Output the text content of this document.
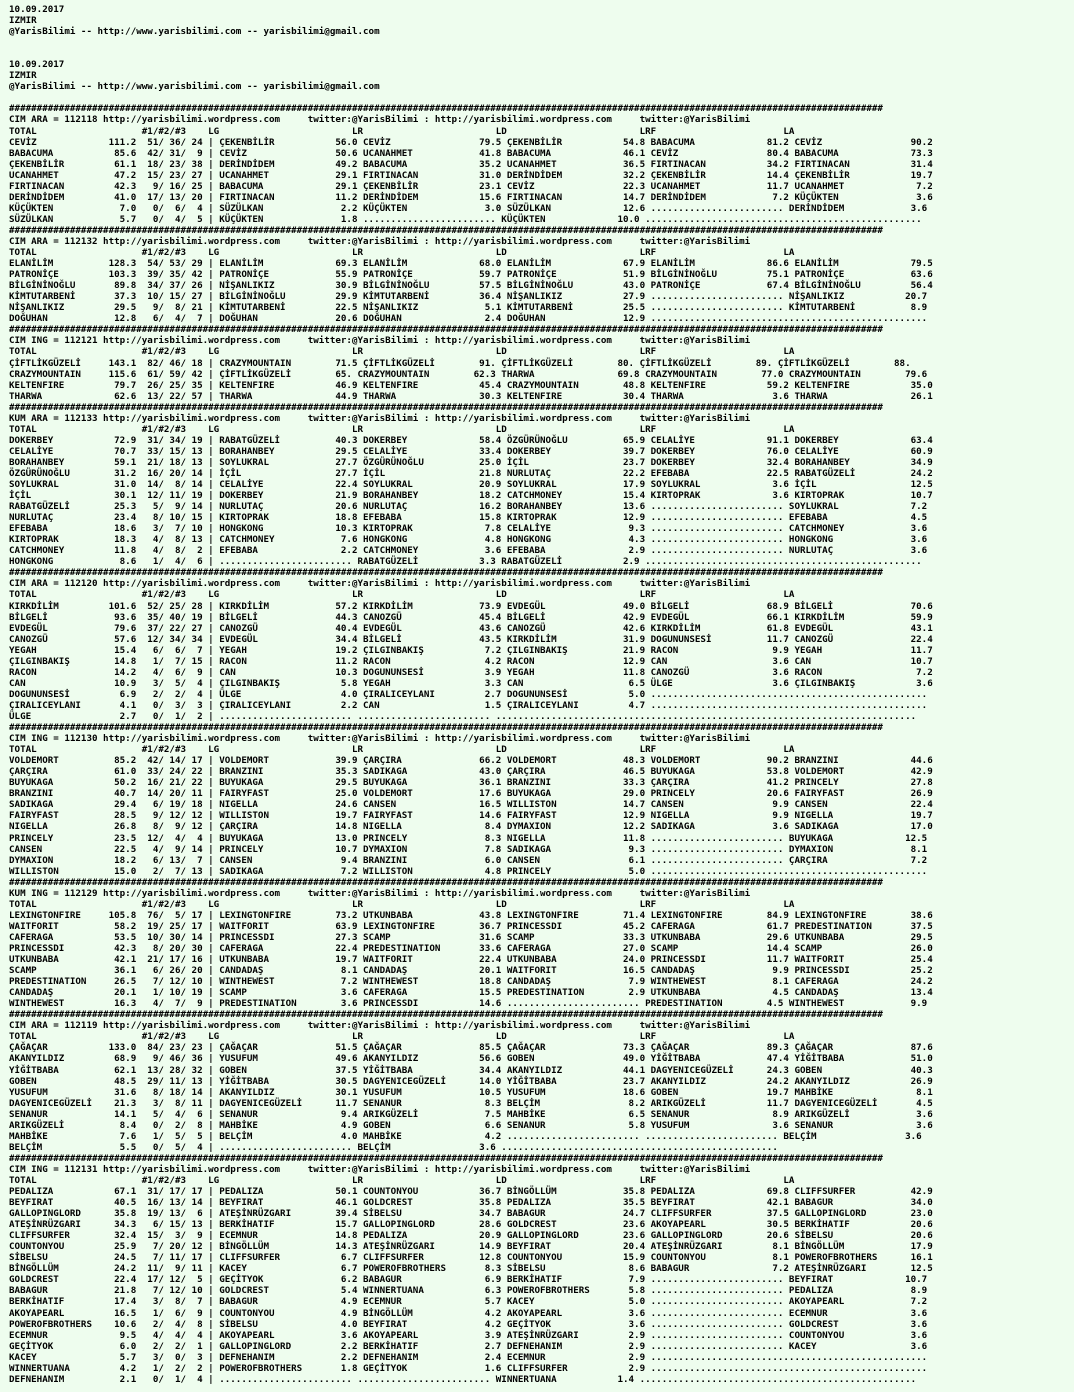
10.09.2017
IZMIR
@YarisBilimi -- http://www.yarisbilimi.com -- yarisbilimi@gmail.com

10.09.2017
IZMIR
@YarisBilimi -- http://www.yarisbilimi.com -- yarisbilimi@gmail.com

##############################################################################################################################################################
CIM ARA = 112118 http://yarisbilimi.wordpress.com     twitter:@YarisBilimi : http://yarisbilimi.wordpress.com     twitter:@YarisBilimi
TOTAL                   #1/#2/#3    LG                        LR                        LD                        LRF                       LA
CEVİZ             111.2  51/ 36/ 24 | ÇEKENBİLİR           56.0 CEVİZ                79.5 ÇEKENBİLİR           54.8 BABACUMA             81.2 CEVİZ                90.2
BABACUMA           85.6  42/ 31/  9 | CEVİZ                50.6 UCANAHMET            41.8 BABACUMA             46.1 CEVİZ                80.4 BABACUMA             73.3
ÇEKENBİLİR         61.1  18/ 23/ 38 | DERİNDİDEM           49.2 BABACUMA             35.2 UCANAHMET            36.5 FIRTINACAN           34.2 FIRTINACAN           31.4
UCANAHMET          47.2  15/ 23/ 27 | UCANAHMET            29.1 FIRTINACAN           31.0 DERİNDİDEM           32.2 ÇEKENBİLİR           14.4 ÇEKENBİLİR           19.7
FIRTINACAN         42.3   9/ 16/ 25 | BABACUMA             29.1 ÇEKENBİLİR           23.1 CEVİZ                22.3 UCANAHMET            11.7 UCANAHMET             7.2
DERİNDİDEM         41.0  17/ 13/ 20 | FIRTINACAN           11.2 DERİNDİDEM           15.6 FIRTINACAN           14.7 DERİNDİDEM            7.2 KÜÇÜKTEN              3.6
KÜÇÜKTEN            7.0   0/  6/  4 | SÜZÜLKAN              2.2 KÜÇÜKTEN              3.0 SÜZÜLKAN             12.6 ........................ DERİNDİDEM            3.6
SÜZÜLKAN            5.7   0/  4/  5 | KÜÇÜKTEN              1.8 ........................ KÜÇÜKTEN             10.0 ..................................................
##############################################################################################################################################################
CIM ARA = 112132 http://yarisbilimi.wordpress.com     twitter:@YarisBilimi : http://yarisbilimi.wordpress.com     twitter:@YarisBilimi
TOTAL                   #1/#2/#3    LG                        LR                        LD                        LRF                       LA
ELANİLİM          128.3  54/ 53/ 29 | ELANİLİM             69.3 ELANİLİM             68.0 ELANİLİM             67.9 ELANİLİM             86.6 ELANİLİM             79.5
PATRONİÇE         103.3  39/ 35/ 42 | PATRONİÇE            55.9 PATRONİÇE            59.7 PATRONİÇE            51.9 BİLGİNİNOĞLU         75.1 PATRONİÇE            63.6
BİLGİNİNOĞLU       89.8  34/ 37/ 26 | NİŞANLIKIZ           30.9 BİLGİNİNOĞLU         57.5 BİLGİNİNOĞLU         43.0 PATRONİÇE            67.4 BİLGİNİNOĞLU         56.4
KİMTUTARBENİ       37.3  10/ 15/ 27 | BİLGİNİNOĞLU         29.9 KİMTUTARBENİ         36.4 NİŞANLIKIZ           27.9 ........................ NİŞANLIKIZ           20.7
NİŞANLIKIZ         29.5   9/  8/ 21 | KİMTUTARBENİ         22.5 NİŞANLIKIZ            5.1 KİMTUTARBENİ         25.5 ........................ KİMTUTARBENİ          8.9
DOĞUHAN            12.8   6/  4/  7 | DOĞUHAN              20.6 DOĞUHAN               2.4 DOĞUHAN              12.9 ..................................................
##############################################################################################################################################################
CIM ING = 112121 http://yarisbilimi.wordpress.com     twitter:@YarisBilimi : http://yarisbilimi.wordpress.com     twitter:@YarisBilimi
TOTAL                   #1/#2/#3    LG                        LR                        LD                        LRF                       LA
ÇİFTLİKGÜZELİ     143.1  82/ 46/ 18 | CRAZYMOUNTAIN        71.5 ÇİFTLİKGÜZELİ        91. ÇİFTLİKGÜZELİ        80. ÇİFTLİKGÜZELİ        89. ÇİFTLİKGÜZELİ        88.
CRAZYMOUNTAIN     115.6  61/ 59/ 42 | ÇİFTLİKGÜZELİ        65. CRAZYMOUNTAIN        62.3 THARWA               69.8 CRAZYMOUNTAIN        77.0 CRAZYMOUNTAIN        79.6
KELTENFIRE         79.7  26/ 25/ 35 | KELTENFIRE           46.9 KELTENFIRE           45.4 CRAZYMOUNTAIN        48.8 KELTENFIRE           59.2 KELTENFIRE           35.0
THARWA             62.6  13/ 22/ 57 | THARWA               44.9 THARWA               30.3 KELTENFIRE           30.4 THARWA                3.6 THARWA               26.1
##############################################################################################################################################################
KUM ARA = 112133 http://yarisbilimi.wordpress.com     twitter:@YarisBilimi : http://yarisbilimi.wordpress.com     twitter:@YarisBilimi
TOTAL                   #1/#2/#3    LG                        LR                        LD                        LRF                       LA
DOKERBEY           72.9  31/ 34/ 19 | RABATGÜZELİ          40.3 DOKERBEY             58.4 ÖZGÜRÜNOĞLU          65.9 CELALİYE             91.1 DOKERBEY             63.4
CELALİYE           70.7  33/ 15/ 13 | BORAHANBEY           29.5 CELALİYE             33.4 DOKERBEY             39.7 DOKERBEY             76.0 CELALİYE             60.9
BORAHANBEY         59.1  21/ 18/ 13 | SOYLUKRAL            27.7 ÖZGÜRÜNOĞLU          25.0 İÇİL                 23.7 DOKERBEY             32.4 BORAHANBEY           34.9
ÖZGÜRÜNOĞLU        31.2  16/ 20/ 14 | İÇİL                 27.7 İÇİL                 21.8 NURLUTAÇ             22.2 EFEBABA              22.5 RABATGÜZELİ          24.2
SOYLUKRAL          31.0  14/  8/ 14 | CELALİYE             22.4 SOYLUKRAL            20.9 SOYLUKRAL            17.9 SOYLUKRAL             3.6 İÇİL                 12.5
İÇİL               30.1  12/ 11/ 19 | DOKERBEY             21.9 BORAHANBEY           18.2 CATCHMONEY           15.4 KIRTOPRAK             3.6 KIRTOPRAK            10.7
RABATGÜZELİ        25.3   5/  9/ 14 | NURLUTAÇ             20.6 NURLUTAÇ             16.2 BORAHANBEY           13.6 ........................ SOYLUKRAL             7.2
NURLUTAÇ           23.4   8/ 10/ 15 | KIRTOPRAK            18.8 EFEBABA              15.8 KIRTOPRAK            12.9 ........................ EFEBABA               4.5
EFEBABA            18.6   3/  7/ 10 | HONGKONG             10.3 KIRTOPRAK             7.8 CELALİYE              9.3 ........................ CATCHMONEY            3.6
KIRTOPRAK          18.3   4/  8/ 13 | CATCHMONEY            7.6 HONGKONG              4.8 HONGKONG              4.3 ........................ HONGKONG              3.6
CATCHMONEY         11.8   4/  8/  2 | EFEBABA               2.2 CATCHMONEY            3.6 EFEBABA               2.9 ........................ NURLUTAÇ              3.6
HONGKONG            8.6   1/  4/  6 | ........................ RABATGÜZELİ           3.3 RABATGÜZELİ           2.9 ..................................................
##############################################################################################################################################################
CIM ARA = 112120 http://yarisbilimi.wordpress.com     twitter:@YarisBilimi : http://yarisbilimi.wordpress.com     twitter:@YarisBilimi
TOTAL                   #1/#2/#3    LG                        LR                        LD                        LRF                       LA
KIRKDİLİM         101.6  52/ 25/ 28 | KIRKDİLİM            57.2 KIRKDİLİM            73.9 EVDEGÜL              49.0 BİLGELİ              68.9 BİLGELİ              70.6
BİLGELİ            93.6  35/ 40/ 19 | BİLGELİ              44.3 CANOZGÜ              45.4 BİLGELİ              42.9 EVDEGÜL              66.1 KIRKDİLİM            59.9
EVDEGÜL            79.6  37/ 22/ 27 | CANOZGÜ              40.4 EVDEGÜL              43.6 CANOZGÜ              42.6 KIRKDİLİM            61.8 EVDEGÜL              43.1
CANOZGÜ            57.6  12/ 34/ 34 | EVDEGÜL              34.4 BİLGELİ              43.5 KIRKDİLİM            31.9 DOGUNUNSESİ          11.7 CANOZGÜ              22.4
YEGAH              15.4   6/  6/  7 | YEGAH                19.2 ÇILGINBAKIŞ           7.2 ÇILGINBAKIŞ          21.9 RACON                 9.9 YEGAH                11.7
ÇILGINBAKIŞ        14.8   1/  7/ 15 | RACON                11.2 RACON                 4.2 RACON                12.9 CAN                   3.6 CAN                  10.7
RACON              14.2   4/  6/  9 | CAN                  10.3 DOGUNUNSESİ           3.9 YEGAH                11.8 CANOZGÜ               3.6 RACON                 7.2
CAN                10.9   3/  5/  4 | ÇILGINBAKIŞ           5.8 YEGAH                 3.3 CAN                   6.5 ÜLGE                  3.6 ÇILGINBAKIŞ           3.6
DOGUNUNSESİ         6.9   2/  2/  4 | ÜLGE                  4.0 ÇIRALICEYLANI         2.7 DOGUNUNSESİ           5.0 ..................................................
ÇIRALICEYLANI       4.1   0/  3/  3 | ÇIRALICEYLANI         2.2 CAN                   1.5 ÇIRALICEYLANI         4.7 ..................................................
ÜLGE                2.7   0/  1/  2 | ........................ ........................ ............................................................................
##############################################################################################################################################################
CIM ING = 112130 http://yarisbilimi.wordpress.com     twitter:@YarisBilimi : http://yarisbilimi.wordpress.com     twitter:@YarisBilimi
TOTAL                   #1/#2/#3    LG                        LR                        LD                        LRF                       LA
VOLDEMORT          85.2  42/ 14/ 17 | VOLDEMORT            39.9 ÇARÇIRA              66.2 VOLDEMORT            48.3 VOLDEMORT            90.2 BRANZINI             44.6
ÇARÇIRA            61.0  33/ 24/ 22 | BRANZINI             35.3 SADIKAGA             43.0 ÇARÇIRA              46.5 BUYUKAGA             53.8 VOLDEMORT            42.9
BUYUKAGA           50.2  16/ 21/ 22 | BUYUKAGA             29.5 BUYUKAGA             36.1 BRANZINI             33.3 ÇARÇIRA              41.2 PRINCELY             27.8
BRANZINI           40.7  14/ 20/ 11 | FAIRYFAST            25.0 VOLDEMORT            17.6 BUYUKAGA             29.0 PRINCELY             20.6 FAIRYFAST            26.9
SADIKAGA           29.4   6/ 19/ 18 | NIGELLA              24.6 CANSEN               16.5 WILLISTON            14.7 CANSEN                9.9 CANSEN               22.4
FAIRYFAST          28.5   9/ 12/ 12 | WILLISTON            19.7 FAIRYFAST            14.6 FAIRYFAST            12.9 NIGELLA               9.9 NIGELLA              19.7
NIGELLA            26.8   8/  9/ 12 | ÇARÇIRA              14.8 NIGELLA               8.4 DYMAXION             12.2 SADIKAGA              3.6 SADIKAGA             17.0
PRINCELY           23.5  12/  4/  4 | BUYUKAGA             13.0 PRINCELY              8.3 NIGELLA              11.8 ........................ BUYUKAGA             12.5
CANSEN             22.5   4/  9/ 14 | PRINCELY             10.7 DYMAXION              7.8 SADIKAGA              9.3 ........................ DYMAXION              8.1
DYMAXION           18.2   6/ 13/  7 | CANSEN                9.4 BRANZINI              6.0 CANSEN                6.1 ........................ ÇARÇIRA               7.2
WILLISTON          15.0   2/  7/ 13 | SADIKAGA              7.2 WILLISTON             4.8 PRINCELY              5.0 ..................................................
##############################################################################################################################################################
KUM ING = 112129 http://yarisbilimi.wordpress.com     twitter:@YarisBilimi : http://yarisbilimi.wordpress.com     twitter:@YarisBilimi
TOTAL                   #1/#2/#3    LG                        LR                        LD                        LRF                       LA
LEXINGTONFIRE     105.8  76/  5/ 17 | LEXINGTONFIRE        73.2 UTKUNBABA            43.8 LEXINGTONFIRE        71.4 LEXINGTONFIRE        84.9 LEXINGTONFIRE        38.6
WAITFORIT          58.2  19/ 25/ 17 | WAITFORIT            63.9 LEXINGTONFIRE        36.7 PRINCESSDI           45.2 CAFERAGA             61.7 PREDESTINATION       37.5
CAFERAGA           53.5  10/ 30/ 14 | PRINCESSDI           27.3 SCAMP                31.6 SCAMP                33.3 UTKUNBABA            29.6 UTKUNBABA            29.5
PRINCESSDI         42.3   8/ 20/ 30 | CAFERAGA             22.4 PREDESTINATION       33.6 CAFERAGA             27.0 SCAMP                14.4 SCAMP                26.0
UTKUNBABA          42.1  21/ 17/ 16 | UTKUNBABA            19.7 WAITFORIT            22.4 UTKUNBABA            24.0 PRINCESSDI           11.7 WAITFORIT            25.4
SCAMP              36.1   6/ 26/ 20 | CANDADAŞ              8.1 CANDADAŞ             20.1 WAITFORIT            16.5 CANDADAŞ              9.9 PRINCESSDI           25.2
PREDESTINATION     26.5   7/ 12/ 10 | WINTHEWEST            7.2 WINTHEWEST           18.8 CANDADAŞ              7.9 WINTHEWEST            8.1 CAFERAGA             24.2
CANDADAŞ           20.1   1/ 10/ 19 | SCAMP                 3.6 CAFERAGA             15.5 PREDESTINATION        2.9 UTKUNBABA             4.5 CANDADAŞ             13.4
WINTHEWEST         16.3   4/  7/  9 | PREDESTINATION        3.6 PRINCESSDI           14.6 ........................ PREDESTINATION        4.5 WINTHEWEST            9.9
##############################################################################################################################################################
CIM ARA = 112119 http://yarisbilimi.wordpress.com     twitter:@YarisBilimi : http://yarisbilimi.wordpress.com     twitter:@YarisBilimi
TOTAL                   #1/#2/#3    LG                        LR                        LD                        LRF                       LA
ÇAĞAÇAR           133.0  84/ 23/ 23 | ÇAĞAÇAR              51.5 ÇAĞAÇAR              85.5 ÇAĞAÇAR              73.3 ÇAĞAÇAR              89.3 ÇAĞAÇAR              87.6
AKANYILDIZ         68.9   9/ 46/ 36 | YUSUFUM              49.6 AKANYILDIZ           56.6 GOBEN                49.0 YİĞİTBABA            47.4 YİĞİTBABA            51.0
YİĞİTBABA          62.1  13/ 28/ 32 | GOBEN                37.5 YİĞİTBABA            34.4 AKANYILDIZ           44.1 DAGYENICEGÜZELİ      24.3 GOBEN                40.3
GOBEN              48.5  29/ 11/ 13 | YİĞİTBABA            30.5 DAGYENICEGÜZELİ      14.0 YİĞİTBABA            23.7 AKANYILDIZ           24.2 AKANYILDIZ           26.9
YUSUFUM            31.6   8/ 18/ 14 | AKANYILDIZ           30.1 YUSUFUM              10.5 YUSUFUM              18.6 GOBEN                19.7 MAHBİKE               8.1
DAGYENICEGÜZELİ    21.3   3/  8/ 11 | DAGYENICEGÜZELİ      11.7 SENANUR               8.3 BELÇİM                8.2 ARIKGÜZELİ           11.7 DAGYENICEGÜZELİ       4.5
SENANUR            14.1   5/  4/  6 | SENANUR               9.4 ARIKGÜZELİ            7.5 MAHBİKE               6.5 SENANUR               8.9 ARIKGÜZELİ            3.6
ARIKGÜZELİ          8.4   0/  2/  8 | MAHBİKE               4.9 GOBEN                 6.6 SENANUR               5.8 YUSUFUM               3.6 SENANUR               3.6
MAHBİKE             7.6   1/  5/  5 | BELÇİM                4.0 MAHBİKE               4.2 ........................ ........................ BELÇİM                3.6
BELÇİM              5.5   0/  5/  4 | ........................ BELÇİM                3.6 ..................................................
##############################################################################################################################################################
CIM ING = 112131 http://yarisbilimi.wordpress.com     twitter:@YarisBilimi : http://yarisbilimi.wordpress.com     twitter:@YarisBilimi
TOTAL                   #1/#2/#3    LG                        LR                        LD                        LRF                       LA
PEDALIZA           67.1  31/ 17/ 17 | PEDALIZA             50.1 COUNTONYOU           36.7 BİNGÖLLÜM            35.8 PEDALIZA             69.8 CLIFFSURFER          42.9
BEYFIRAT           40.5  16/ 13/ 14 | BEYFIRAT             46.1 GOLDCREST            35.8 PEDALIZA             35.5 BEYFIRAT             42.1 BABAGUR              34.0
GALLOPINGLORD      35.8  19/ 13/  6 | ATEŞİNRÜZGARI        39.4 SİBELSU              34.7 BABAGUR              24.7 CLIFFSURFER          37.5 GALLOPINGLORD        23.0
ATEŞİNRÜZGARI      34.3   6/ 15/ 13 | BERKİHATIF           15.7 GALLOPINGLORD        28.6 GOLDCREST            23.6 AKOYAPEARL           30.5 BERKİHATIF           20.6
CLIFFSURFER        32.4  15/  3/  9 | ECEMNUR              14.8 PEDALIZA             20.9 GALLOPINGLORD        23.6 GALLOPINGLORD        20.6 SİBELSU              20.6
COUNTONYOU         25.9   7/ 20/ 12 | BİNGÖLLÜM            14.3 ATEŞİNRÜZGARI        14.9 BEYFIRAT             20.4 ATEŞİNRÜZGARI         8.1 BİNGÖLLÜM            17.9
SİBELSU            24.5   7/ 11/ 17 | CLIFFSURFER           6.7 CLIFFSURFER          12.8 COUNTONYOU           15.9 COUNTONYOU            8.1 POWEROFBROTHERS      16.1
BİNGÖLLÜM          24.2  11/  9/ 11 | KACEY                 6.7 POWEROFBROTHERS       8.3 SİBELSU               8.6 BABAGUR               7.2 ATEŞİNRÜZGARI        12.5
GOLDCREST          22.4  17/ 12/  5 | GEÇİTYOK              6.2 BABAGUR               6.9 BERKİHATIF            7.9 ........................ BEYFIRAT             10.7
BABAGUR            21.8   7/ 12/ 10 | GOLDCREST             5.4 WINNERTUANA           6.3 POWEROFBROTHERS       5.8 ........................ PEDALIZA              8.9
BERKİHATIF         17.4   3/  8/  7 | BABAGUR               4.9 ECEMNUR               5.7 KACEY                 5.0 ........................ AKOYAPEARL            7.2
AKOYAPEARL         16.5   1/  6/  9 | COUNTONYOU            4.9 BİNGÖLLÜM             4.2 AKOYAPEARL            3.6 ........................ ECEMNUR               3.6
POWEROFBROTHERS    10.6   2/  4/  8 | SİBELSU               4.0 BEYFIRAT              4.2 GEÇİTYOK              3.6 ........................ GOLDCREST             3.6
ECEMNUR             9.5   4/  4/  4 | AKOYAPEARL            3.6 AKOYAPEARL            3.9 ATEŞİNRÜZGARI         2.9 ........................ COUNTONYOU            3.6
GEÇİTYOK            6.0   2/  2/  1 | GALLOPINGLORD         2.2 BERKİHATIF            2.7 DEFNEHANIM            2.9 ........................ KACEY                 3.6
KACEY               5.7   3/  0/  3 | DEFNEHANIM            2.2 DEFNEHANIM            2.4 ECEMNUR               2.9 ..................................................
WINNERTUANA         4.2   1/  2/  2 | POWEROFBROTHERS       1.8 GEÇİTYOK              1.6 CLIFFSURFER           2.9 ..................................................
DEFNEHANIM          2.1   0/  1/  4 | ........................ ........................ WINNERTUANA           1.4 ..................................................
